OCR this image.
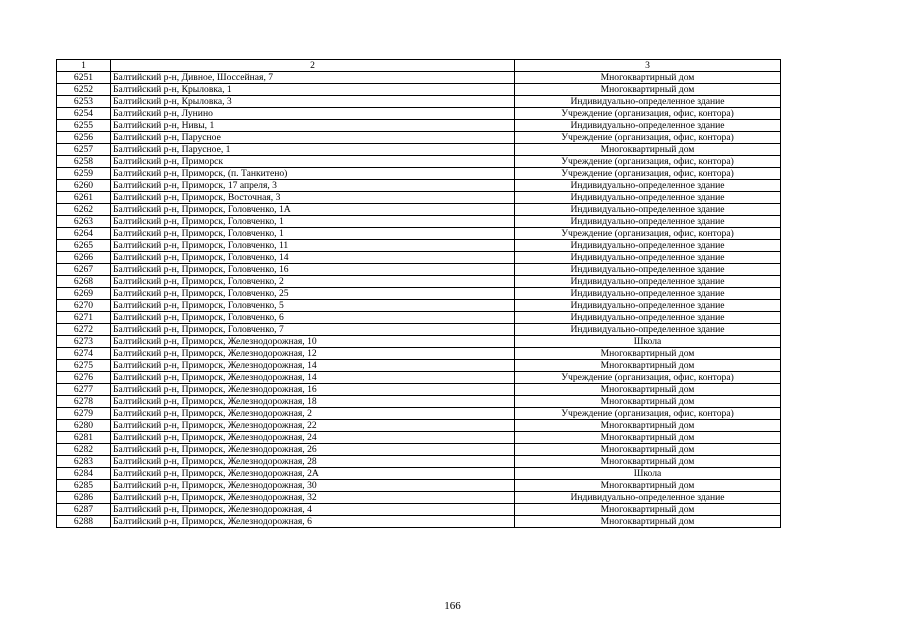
1	2	3
6251	Балтийский р-н, Дивное, Шоссейная, 7	Многоквартирный дом
6252	Балтийский р-н, Крыловка, 1	Многоквартирный дом
6253	Балтийский р-н, Крыловка, 3	Индивидуально-определенное здание
6254	Балтийский р-н, Лунино	Учреждение (организация, офис, контора)
6255	Балтийский р-н, Нивы, 1	Индивидуально-определенное здание
6256	Балтийский р-н, Парусное	Учреждение (организация, офис, контора)
6257	Балтийский р-н, Парусное, 1	Многоквартирный дом
6258	Балтийский р-н, Приморск	Учреждение (организация, офис, контора)
6259	Балтийский р-н, Приморск, (п. Танкитено)	Учреждение (организация, офис, контора)
6260	Балтийский р-н, Приморск, 17 апреля, 3	Индивидуально-определенное здание
6261	Балтийский р-н, Приморск, Восточная, 3	Индивидуально-определенное здание
6262	Балтийский р-н, Приморск, Головченко, 1А	Индивидуально-определенное здание
6263	Балтийский р-н, Приморск, Головченко, 1	Индивидуально-определенное здание
6264	Балтийский р-н, Приморск, Головченко, 1	Учреждение (организация, офис, контора)
6265	Балтийский р-н, Приморск, Головченко, 11	Индивидуально-определенное здание
6266	Балтийский р-н, Приморск, Головченко, 14	Индивидуально-определенное здание
6267	Балтийский р-н, Приморск, Головченко, 16	Индивидуально-определенное здание
6268	Балтийский р-н, Приморск, Головченко, 2	Индивидуально-определенное здание
6269	Балтийский р-н, Приморск, Головченко, 25	Индивидуально-определенное здание
6270	Балтийский р-н, Приморск, Головченко, 5	Индивидуально-определенное здание
6271	Балтийский р-н, Приморск, Головченко, 6	Индивидуально-определенное здание
6272	Балтийский р-н, Приморск, Головченко, 7	Индивидуально-определенное здание
6273	Балтийский р-н, Приморск, Железнодорожная, 10	Школа
6274	Балтийский р-н, Приморск, Железнодорожная, 12	Многоквартирный дом
6275	Балтийский р-н, Приморск, Железнодорожная, 14	Многоквартирный дом
6276	Балтийский р-н, Приморск, Железнодорожная, 14	Учреждение (организация, офис, контора)
6277	Балтийский р-н, Приморск, Железнодорожная, 16	Многоквартирный дом
6278	Балтийский р-н, Приморск, Железнодорожная, 18	Многоквартирный дом
6279	Балтийский р-н, Приморск, Железнодорожная, 2	Учреждение (организация, офис, контора)
6280	Балтийский р-н, Приморск, Железнодорожная, 22	Многоквартирный дом
6281	Балтийский р-н, Приморск, Железнодорожная, 24	Многоквартирный дом
6282	Балтийский р-н, Приморск, Железнодорожная, 26	Многоквартирный дом
6283	Балтийский р-н, Приморск, Железнодорожная, 28	Многоквартирный дом
6284	Балтийский р-н, Приморск, Железнодорожная, 2А	Школа
6285	Балтийский р-н, Приморск, Железнодорожная, 30	Многоквартирный дом
6286	Балтийский р-н, Приморск, Железнодорожная, 32	Индивидуально-определенное здание
6287	Балтийский р-н, Приморск, Железнодорожная, 4	Многоквартирный дом
6288	Балтийский р-н, Приморск, Железнодорожная, 6	Многоквартирный дом
166
